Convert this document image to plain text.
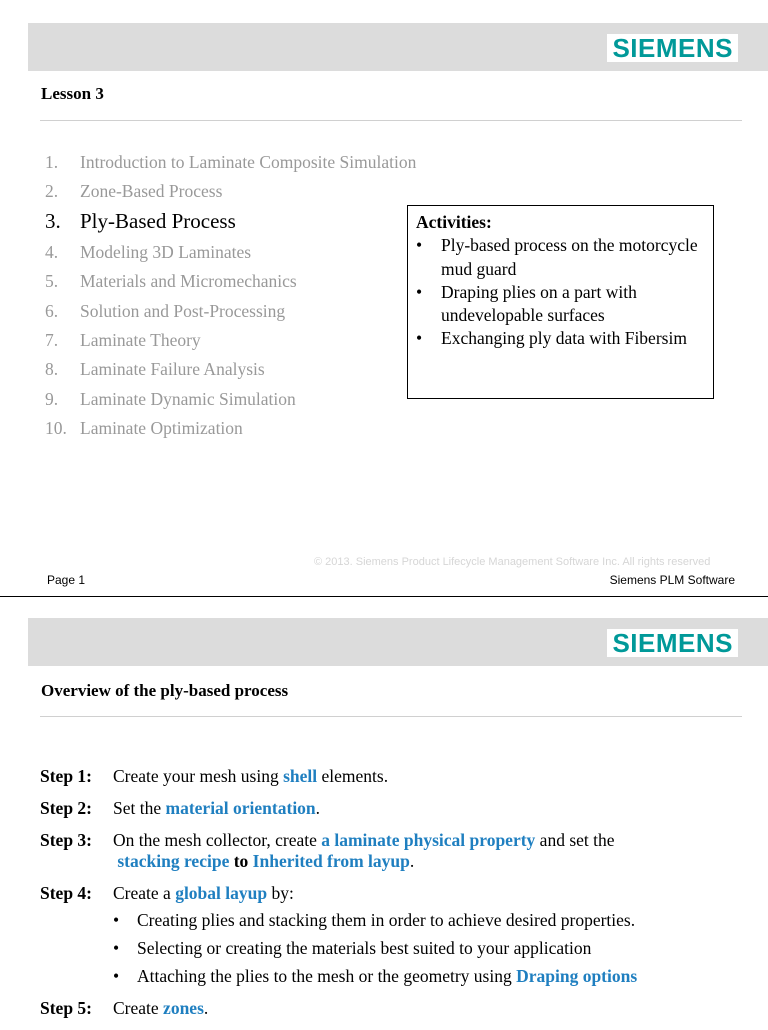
SIEMENS
Lesson 3
1. Introduction to Laminate Composite Simulation
2. Zone-Based Process
3. Ply-Based Process
4. Modeling 3D Laminates
5. Materials and Micromechanics
6. Solution and Post-Processing
7. Laminate Theory
8. Laminate Failure Analysis
9. Laminate Dynamic Simulation
10. Laminate Optimization
Activities:
• Ply-based process on the motorcycle mud guard
• Draping plies on a part with undevelopable surfaces
• Exchanging ply data with Fibersim
© 2013. Siemens Product Lifecycle Management Software Inc. All rights reserved
Page 1	Siemens PLM Software
SIEMENS
Overview of the ply-based process
Step 1: Create your mesh using shell elements.
Step 2: Set the material orientation.
Step 3: On the mesh collector, create a laminate physical property and set the
stacking recipe to Inherited from layup.
Step 4: Create a global layup by:
• Creating plies and stacking them in order to achieve desired properties.
• Selecting or creating the materials best suited to your application
• Attaching the plies to the mesh or the geometry using Draping options
Step 5: Create zones.
